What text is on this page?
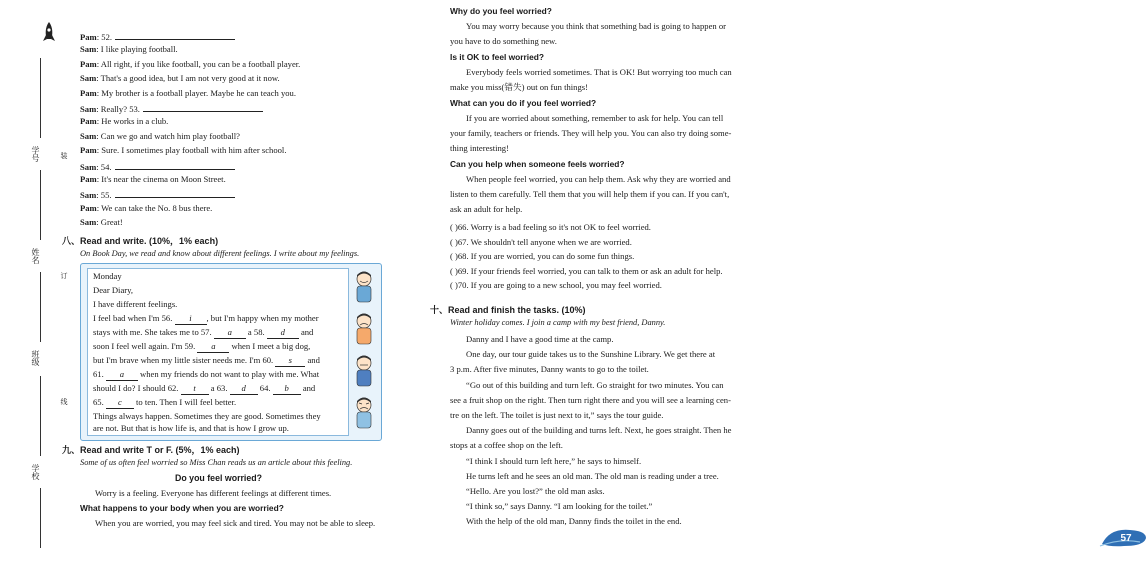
学号
姓名
班级
学校
装
订
线
Pam: 52.
Sam: I like playing football.
Pam: All right, if you like football, you can be a football player.
Sam: That's a good idea, but I am not very good at it now.
Pam: My brother is a football player. Maybe he can teach you.
Sam: Really? 53.
Pam: He works in a club.
Sam: Can we go and watch him play football?
Pam: Sure. I sometimes play football with him after school.
Sam: 54.
Pam: It's near the cinema on Moon Street.
Sam: 55.
Pam: We can take the No. 8 bus there.
Sam: Great!
八、Read and write. (10%，1% each)
On Book Day, we read and know about different feelings. I write about my feelings.
Monday
Dear Diary,
I have different feelings.
I feel bad when I'm 56. i , but I'm happy when my mother
stays with me. She takes me to 57. a a 58. d and
soon I feel well again. I'm 59. a when I meet a big dog,
but I'm brave when my little sister needs me. I'm 60. s and
61. a when my friends do not want to play with me. What
should I do? I should 62. t a 63. d 64. b and
65. c to ten. Then I will feel better.
Things always happen. Sometimes they are good. Sometimes they
are not. But that is how life is, and that is how I grow up.
九、Read and write T or F. (5%，1% each)
Some of us often feel worried so Miss Chan reads us an article about this feeling.
Do you feel worried?
Worry is a feeling. Everyone has different feelings at different times.
What happens to your body when you are worried?
When you are worried, you may feel sick and tired. You may not be able to sleep.
Why do you feel worried?
You may worry because you think that something bad is going to happen or
you have to do something new.
Is it OK to feel worried?
Everybody feels worried sometimes. That is OK! But worrying too much can
make you miss(错失) out on fun things!
What can you do if you feel worried?
If you are worried about something, remember to ask for help. You can tell
your family, teachers or friends. They will help you. You can also try doing some-
thing interesting!
Can you help when someone feels worried?
When people feel worried, you can help them. Ask why they are worried and
listen to them carefully. Tell them that you will help them if you can. If you can't,
ask an adult for help.
( )66. Worry is a bad feeling so it's not OK to feel worried.
( )67. We shouldn't tell anyone when we are worried.
( )68. If you are worried, you can do some fun things.
( )69. If your friends feel worried, you can talk to them or ask an adult for help.
( )70. If you are going to a new school, you may feel worried.
十、Read and finish the tasks. (10%)
Winter holiday comes. I join a camp with my best friend, Danny.
Danny and I have a good time at the camp.
One day, our tour guide takes us to the Sunshine Library. We get there at
3 p.m. After five minutes, Danny wants to go to the toilet.
“Go out of this building and turn left. Go straight for two minutes. You can
see a fruit shop on the right. Then turn right there and you will see a learning cen-
tre on the left. The toilet is just next to it,” says the tour guide.
Danny goes out of the building and turns left. Next, he goes straight. Then he
stops at a coffee shop on the left.
“I think I should turn left here,” he says to himself.
He turns left and he sees an old man. The old man is reading under a tree.
“Hello. Are you lost?” the old man asks.
“I think so,” says Danny. “I am looking for the toilet.”
With the help of the old man, Danny finds the toilet in the end.
57
